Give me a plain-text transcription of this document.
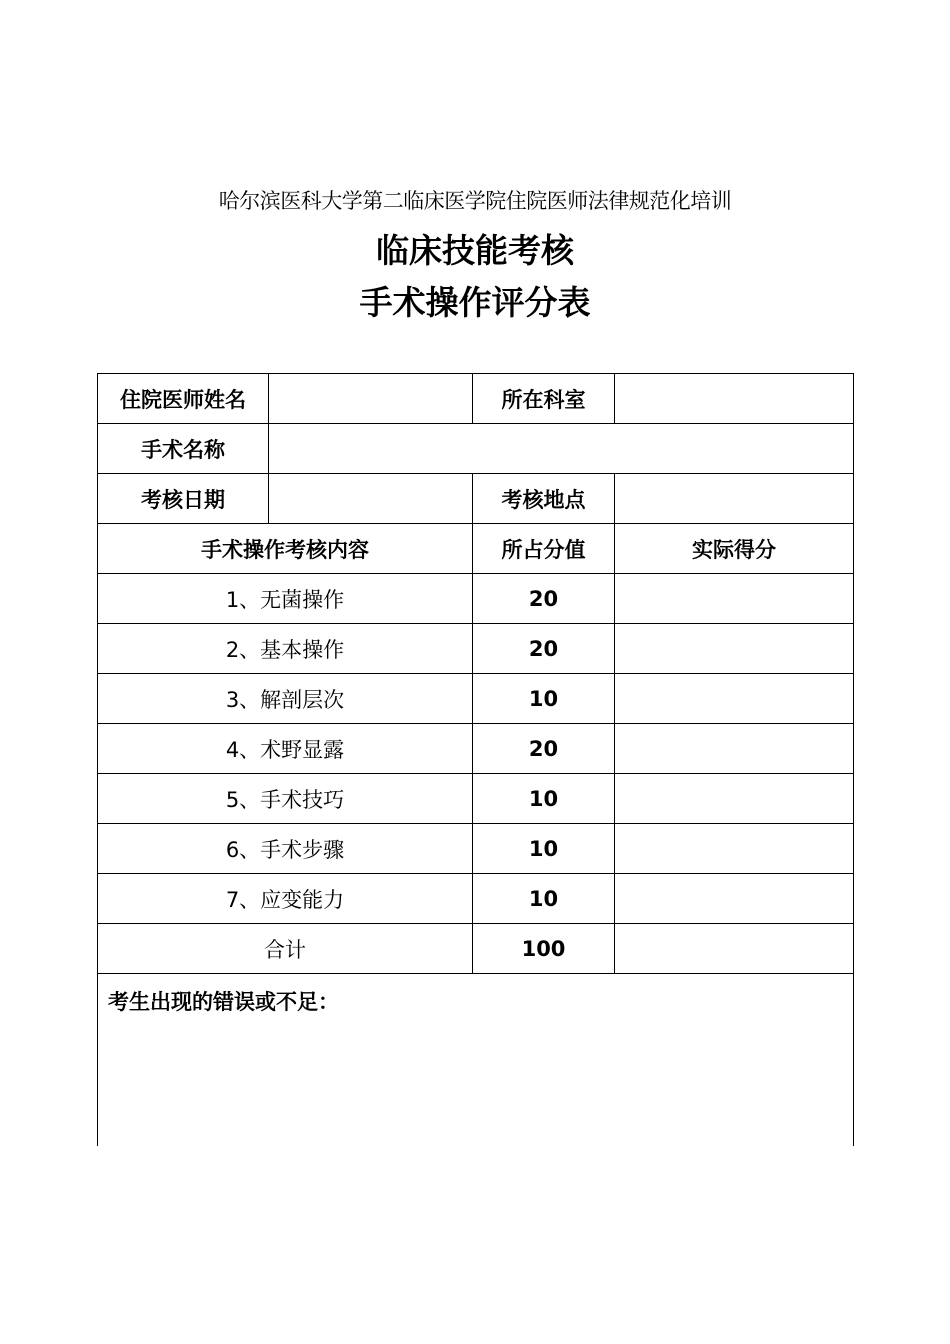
哈尔滨医科大学第二临床医学院住院医师法律规范化培训
临床技能考核
手术操作评分表
住院医师姓名		所在科室	
手术名称			
考核日期		考核地点	
手术操作考核内容		所占分值	实际得分
1、无菌操作		20	
2、基本操作		20	
3、解剖层次		10	
4、术野显露		20	
5、手术技巧		10	
6、手术步骤		10	
7、应变能力		10	
合计		100	
考生出现的错误或不足：			
